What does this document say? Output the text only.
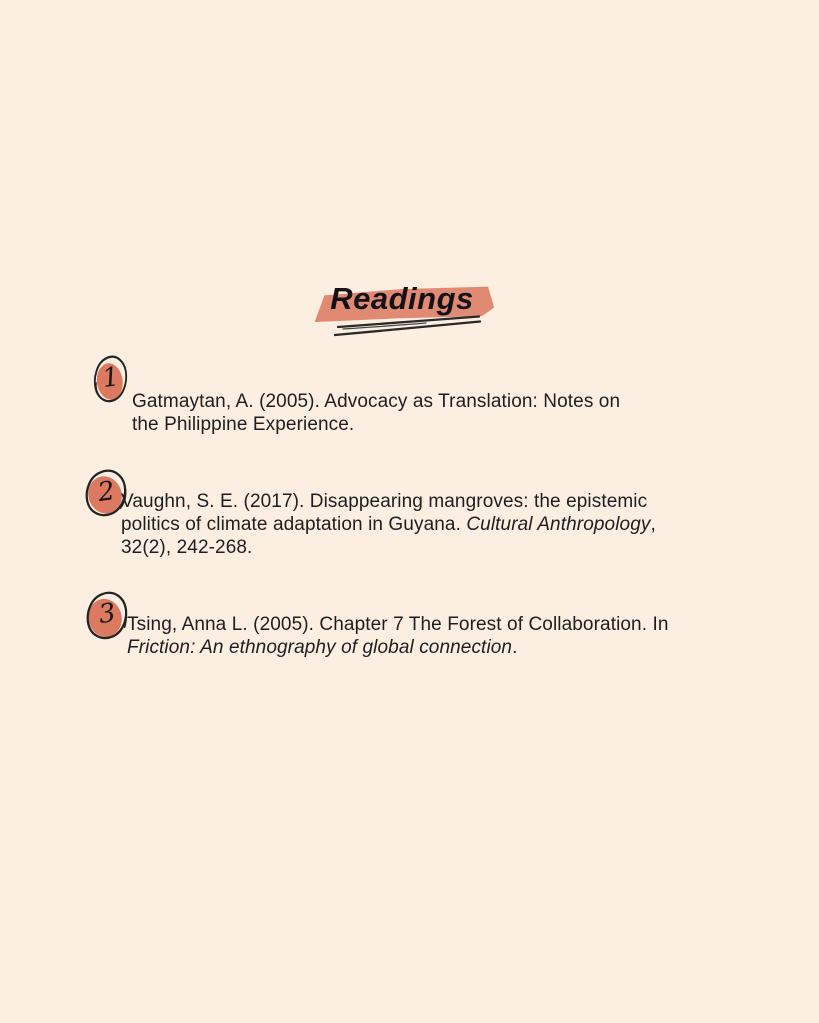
Readings
1
Gatmaytan, A. (2005). Advocacy as Translation: Notes on
the Philippine Experience.
2 Vaughn, S. E. (2017). Disappearing mangroves: the epistemic
politics of climate adaptation in Guyana. Cultural Anthropology,
32(2), 242-268.
3 Tsing, Anna L. (2005). Chapter 7 The Forest of Collaboration. In
Friction: An ethnography of global connection.
